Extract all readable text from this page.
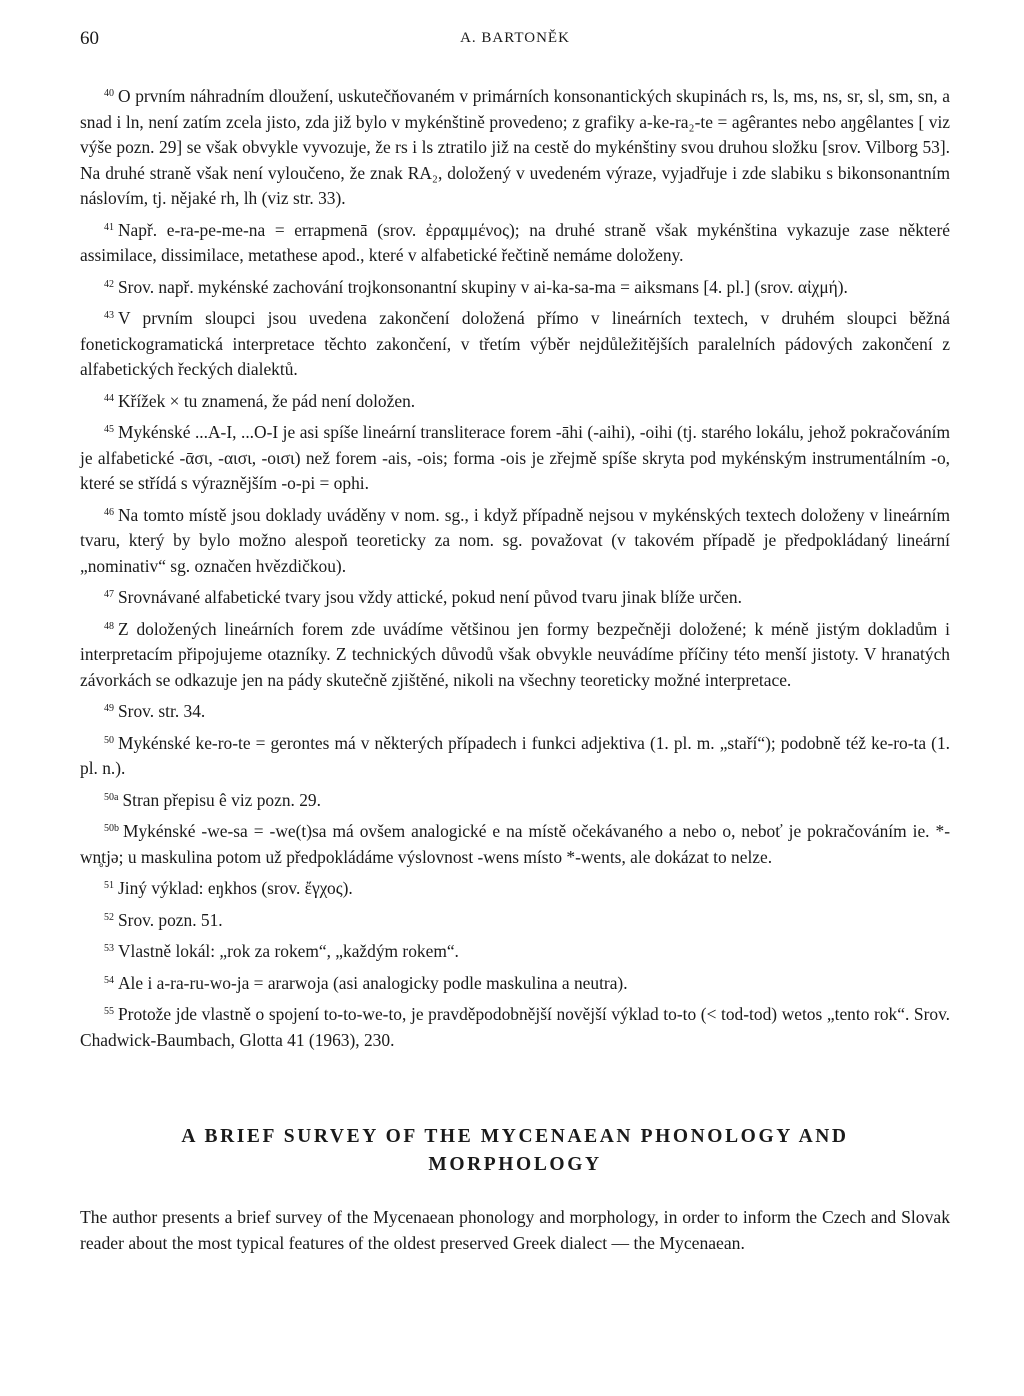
60	A. BARTONĚK

$^{40}$ O prvním náhradním dloužení, uskutečňovaném v primárních konsonantických skupinách rs, ls, ms, ns, sr, sl, sm, sn, a snad i ln, není zatím zcela jisto, zda již bylo v mykénštině provedeno; z grafiky a-ke-ra₂-te = agêrantes nebo aŋgêlantes [ viz výše pozn. 29] se však obvykle vyvozuje, že rs i ls ztratilo již na cestě do mykénštiny svou druhou složku [srov. Vilborg 53]. Na druhé straně však není vyloučeno, že znak RA₂, doložený v uvedeném výraze, vyjadřuje i zde slabiku s bikonsonantním náslovím, tj. nějaké rh, lh (viz str. 33).

$^{41}$ Např. e-ra-pe-me-na = errapmenā (srov. ἐρραμμένος); na druhé straně však mykénština vykazuje zase některé assimilace, dissimilace, metathese apod., které v alfabetické řečtině nemáme doloženy.

$^{42}$ Srov. např. mykénské zachování trojkonsonantní skupiny v ai-ka-sa-ma = aiksmans [4. pl.] (srov. αἰχμή).

$^{43}$ V prvním sloupci jsou uvedena zakončení doložená přímo v lineárních textech, v druhém sloupci běžná fonetickogramatická interpretace těchto zakončení, v třetím výběr nejdůležitějších paralelních pádových zakončení z alfabetických řeckých dialektů.

$^{44}$ Křížek × tu znamená, že pád není doložen.

$^{45}$ Mykénské ...A-I, ...O-I je asi spíše lineární transliterace forem -āhi (-aihi), -oihi (tj. starého lokálu, jehož pokračováním je alfabetické -ᾱσι, -αισι, -οισι) než forem -ais, -ois; forma -ois je zřejmě spíše skryta pod mykénským instrumentálním -o, které se střídá s výraznějším -o-pi = ophi.

$^{46}$ Na tomto místě jsou doklady uváděny v nom. sg., i když případně nejsou v mykénských textech doloženy v lineárním tvaru, který by bylo možno alespoň teoreticky za nom. sg. považovat (v takovém případě je předpokládaný lineární „nominativ“ sg. označen hvězdičkou).

$^{47}$ Srovnávané alfabetické tvary jsou vždy attické, pokud není původ tvaru jinak blíže určen.

$^{48}$ Z doložených lineárních forem zde uvádíme většinou jen formy bezpečněji doložené; k méně jistým dokladům i interpretacím připojujeme otazníky. Z technických důvodů však obvykle neuvádíme příčiny této menší jistoty. V hranatých závorkách se odkazuje jen na pády skutečně zjištěné, nikoli na všechny teoreticky možné interpretace.

$^{49}$ Srov. str. 34.

$^{50}$ Mykénské ke-ro-te = gerontes má v některých případech i funkci adjektiva (1. pl. m. „staří“); podobně též ke-ro-ta (1. pl. n.).

$^{50a}$ Stran přepisu ê viz pozn. 29.

$^{50b}$ Mykénské -we-sa = -we(t)sa má ovšem analogické e na místě očekávaného a nebo o, neboť je pokračováním ie. *-wn̥tjə; u maskulina potom už předpokládáme výslovnost -wens místo *-wents, ale dokázat to nelze.

$^{51}$ Jiný výklad: eŋkhos (srov. ἔγχος).

$^{52}$ Srov. pozn. 51.

$^{53}$ Vlastně lokál: „rok za rokem“, „každým rokem“.

$^{54}$ Ale i a-ra-ru-wo-ja = ararwoja (asi analogicky podle maskulina a neutra).

$^{55}$ Protože jde vlastně o spojení to-to-we-to, je pravděpodobnější novější výklad to-to (< tod-tod) wetos „tento rok“. Srov. Chadwick-Baumbach, Glotta 41 (1963), 230.

A BRIEF SURVEY OF THE MYCENAEAN PHONOLOGY AND
MORPHOLOGY

The author presents a brief survey of the Mycenaean phonology and morphology, in order to inform the Czech and Slovak reader about the most typical features of the oldest preserved Greek dialect — the Mycenaean.
